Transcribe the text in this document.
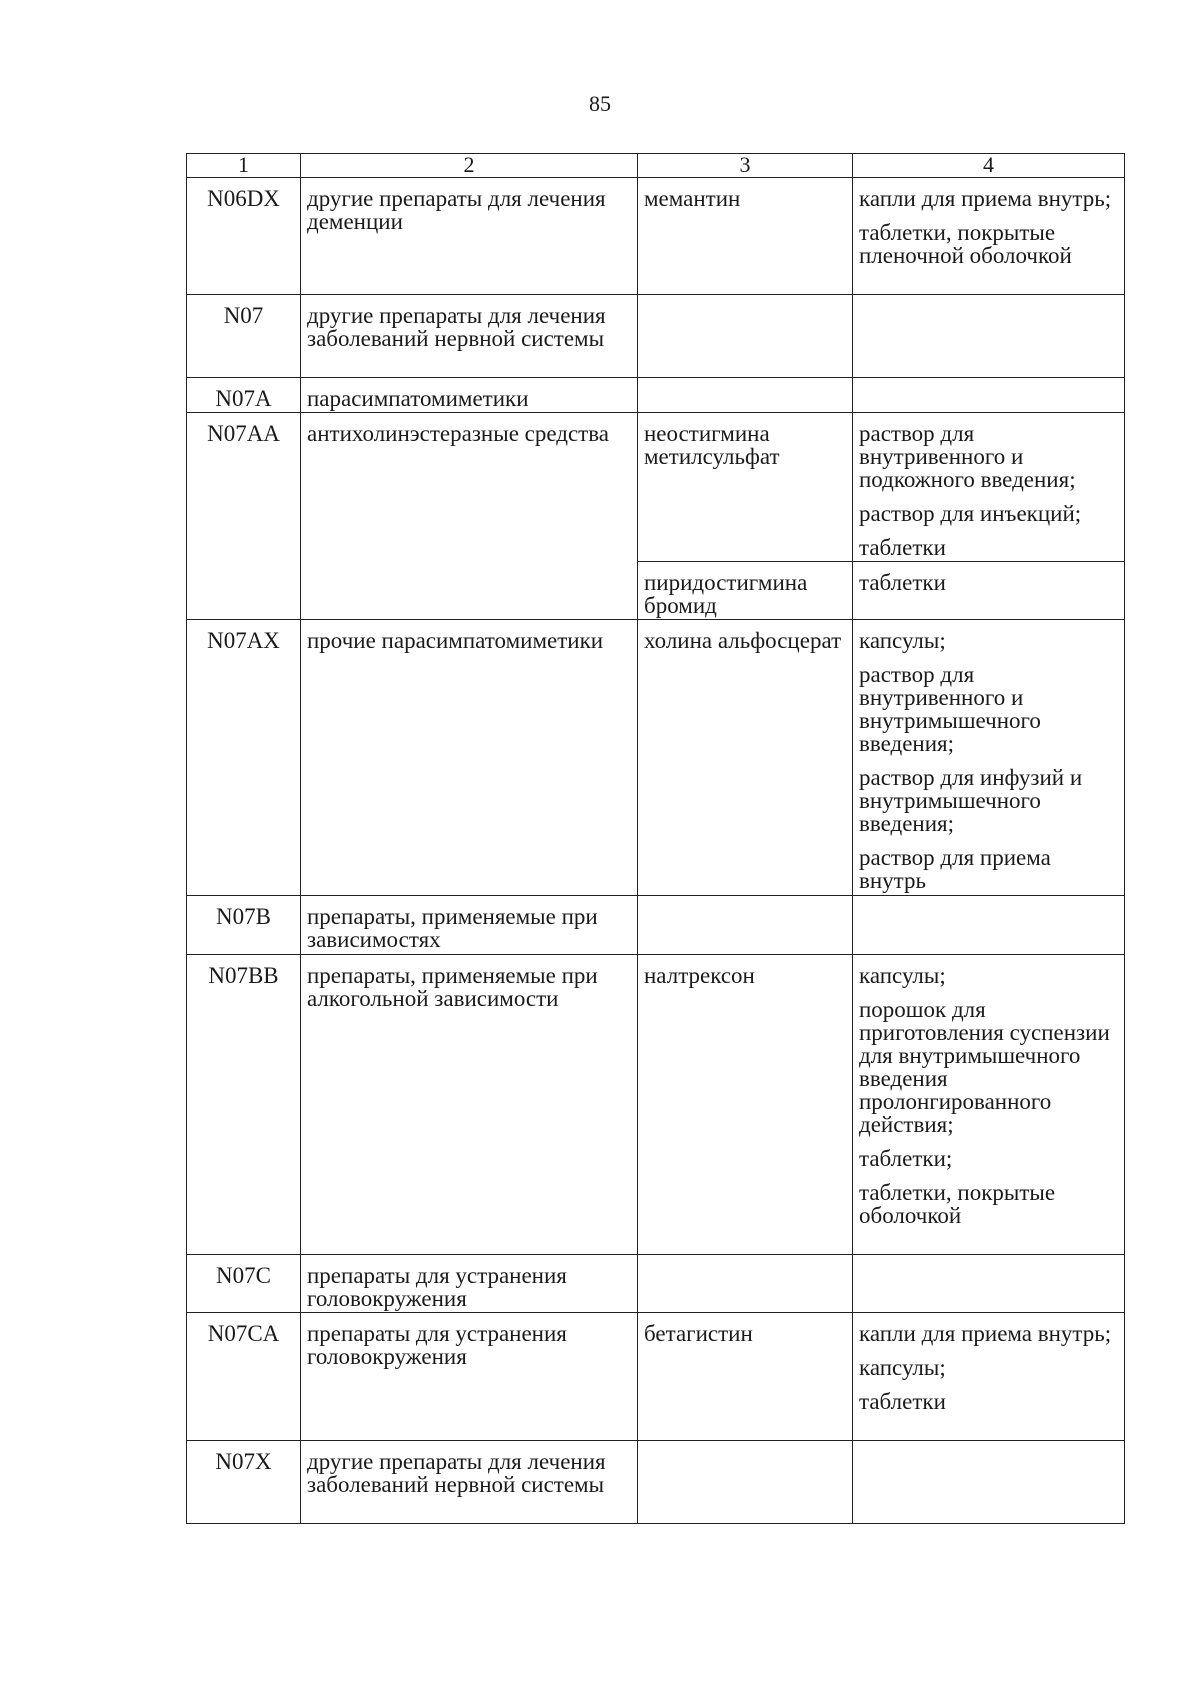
85
1	2	3	4
N06DX	другие препараты для лечения деменции	мемантин	капли для приема внутрь;
таблетки, покрытые пленочной оболочкой

N07	другие препараты для лечения заболеваний нервной системы		
N07A	парасимпатомиметики		
N07AA	антихолинэстеразные средства	неостигмина метилсульфат	раствор для внутривенного и подкожного введения;
раствор для инъекций;
таблетки

		пиридостигмина бромид	таблетки

N07AX	прочие парасимпатомиметики	холина альфосцерат	капсулы;
раствор для внутривенного и внутримышечного введения;
раствор для инфузий и внутримышечного введения;
раствор для приема внутрь

N07B	препараты, применяемые при зависимостях		
N07BB	препараты, применяемые при алкогольной зависимости	налтрексон	капсулы;
порошок для приготовления суспензии для внутримышечного введения пролонгированного действия;
таблетки;
таблетки, покрытые оболочкой

N07C	препараты для устранения головокружения		
N07CA	препараты для устранения головокружения	бетагистин	капли для приема внутрь;
капсулы;
таблетки

N07X	другие препараты для лечения заболеваний нервной системы		
